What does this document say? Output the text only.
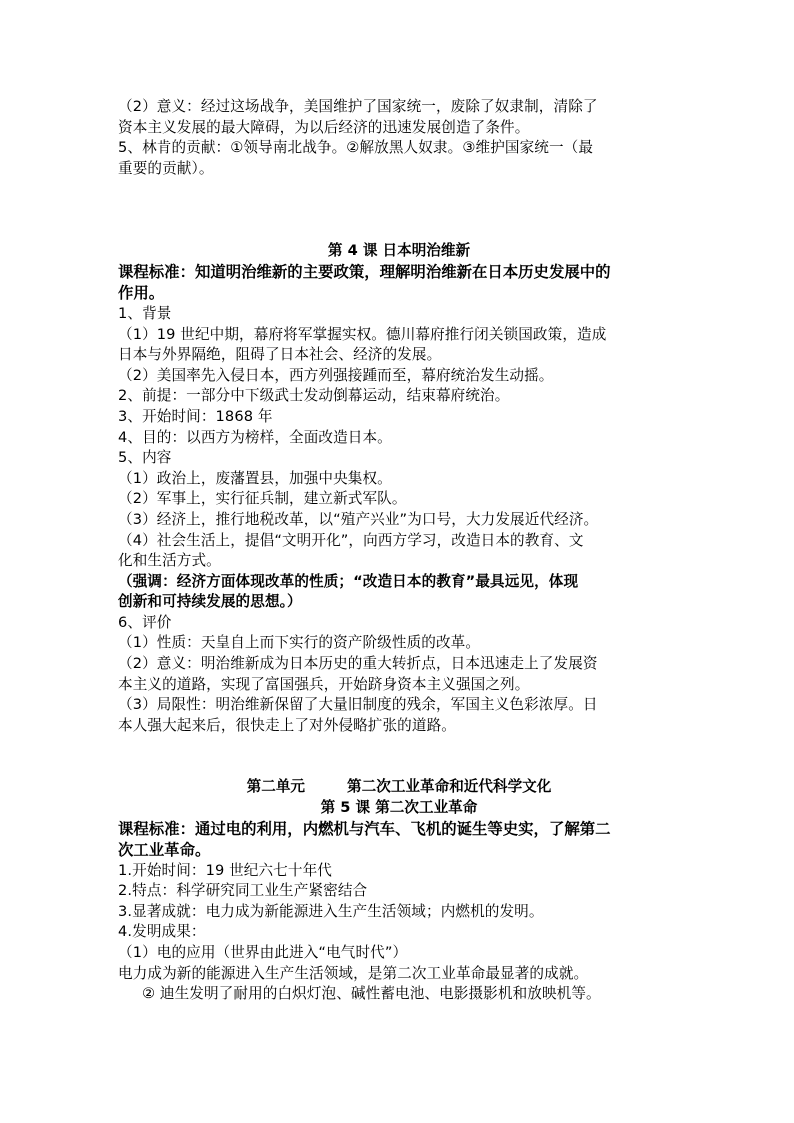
（2）意义：经过这场战争，美国维护了国家统一，废除了奴隶制，清除了
资本主义发展的最大障碍，为以后经济的迅速发展创造了条件。
5、林肯的贡献：①领导南北战争。②解放黑人奴隶。③维护国家统一（最
重要的贡献）。
第 4 课 日本明治维新
课程标准：知道明治维新的主要政策，理解明治维新在日本历史发展中的
作用。
1、背景
（1）19 世纪中期，幕府将军掌握实权。德川幕府推行闭关锁国政策，造成
日本与外界隔绝，阻碍了日本社会、经济的发展。
（2）美国率先入侵日本，西方列强接踵而至，幕府统治发生动摇。
2、前提：一部分中下级武士发动倒幕运动，结束幕府统治。
3、开始时间：1868 年
4、目的：以西方为榜样，全面改造日本。
5、内容
（1）政治上，废藩置县，加强中央集权。
（2）军事上，实行征兵制，建立新式军队。
（3）经济上，推行地税改革，以“殖产兴业”为口号，大力发展近代经济。
（4）社会生活上，提倡“文明开化”，向西方学习，改造日本的教育、文
化和生活方式。
（强调：经济方面体现改革的性质；“改造日本的教育”最具远见，体现
创新和可持续发展的思想。）
6、评价
（1）性质：天皇自上而下实行的资产阶级性质的改革。
（2）意义：明治维新成为日本历史的重大转折点，日本迅速走上了发展资
本主义的道路，实现了富国强兵，开始跻身资本主义强国之列。
（3）局限性：明治维新保留了大量旧制度的残余，军国主义色彩浓厚。日
本人强大起来后，很快走上了对外侵略扩张的道路。
第二单元	第二次工业革命和近代科学文化
第 5 课 第二次工业革命
课程标准：通过电的利用，内燃机与汽车、飞机的诞生等史实，了解第二
次工业革命。
1.开始时间：19 世纪六七十年代
2.特点：科学研究同工业生产紧密结合
3.显著成就：电力成为新能源进入生产生活领域；内燃机的发明。
4.发明成果：
（1）电的应用（世界由此进入“电气时代”）
电力成为新的能源进入生产生活领域，是第二次工业革命最显著的成就。
② 迪生发明了耐用的白炽灯泡、碱性蓄电池、电影摄影机和放映机等。
